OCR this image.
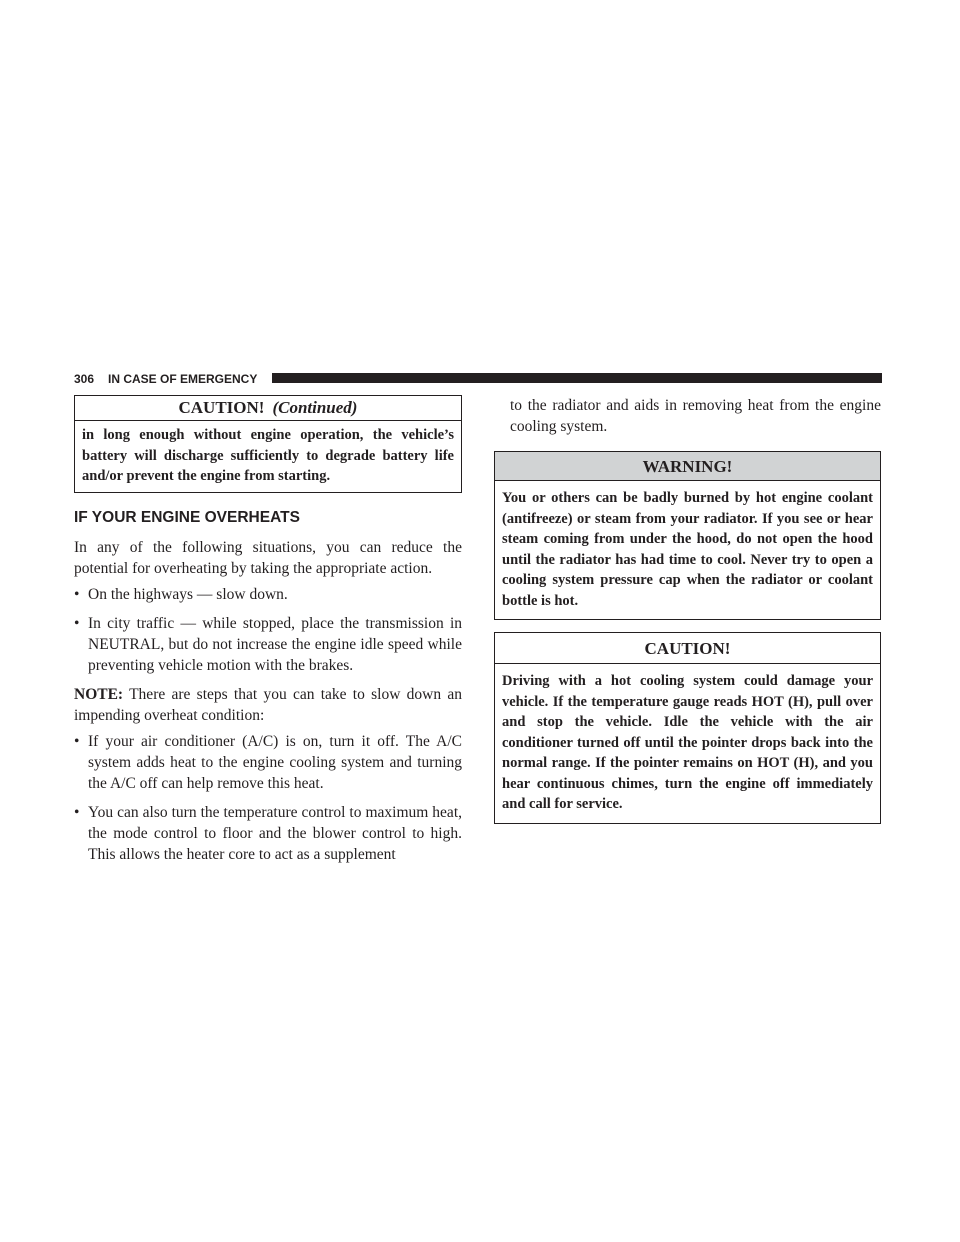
306 IN CASE OF EMERGENCY
CAUTION! (Continued)
in long enough without engine operation, the vehicle’s battery will discharge sufficiently to degrade battery life and/or prevent the engine from starting.
IF YOUR ENGINE OVERHEATS

In any of the following situations, you can reduce the potential for overheating by taking the appropriate action.

• On the highways — slow down.
• In city traffic — while stopped, place the transmission in NEUTRAL, but do not increase the engine idle speed while preventing vehicle motion with the brakes.

NOTE: There are steps that you can take to slow down an impending overheat condition:

• If your air conditioner (A/C) is on, turn it off. The A/C system adds heat to the engine cooling system and turning the A/C off can help remove this heat.
• You can also turn the temperature control to maximum heat, the mode control to floor and the blower control to high. This allows the heater core to act as a supplement

to the radiator and aids in removing heat from the engine cooling system.

WARNING!
You or others can be badly burned by hot engine coolant (antifreeze) or steam from your radiator. If you see or hear steam coming from under the hood, do not open the hood until the radiator has had time to cool. Never try to open a cooling system pressure cap when the radiator or coolant bottle is hot.
CAUTION!
Driving with a hot cooling system could damage your vehicle. If the temperature gauge reads HOT (H), pull over and stop the vehicle. Idle the vehicle with the air conditioner turned off until the pointer drops back into the normal range. If the pointer remains on HOT (H), and you hear continuous chimes, turn the engine off immediately and call for service.
